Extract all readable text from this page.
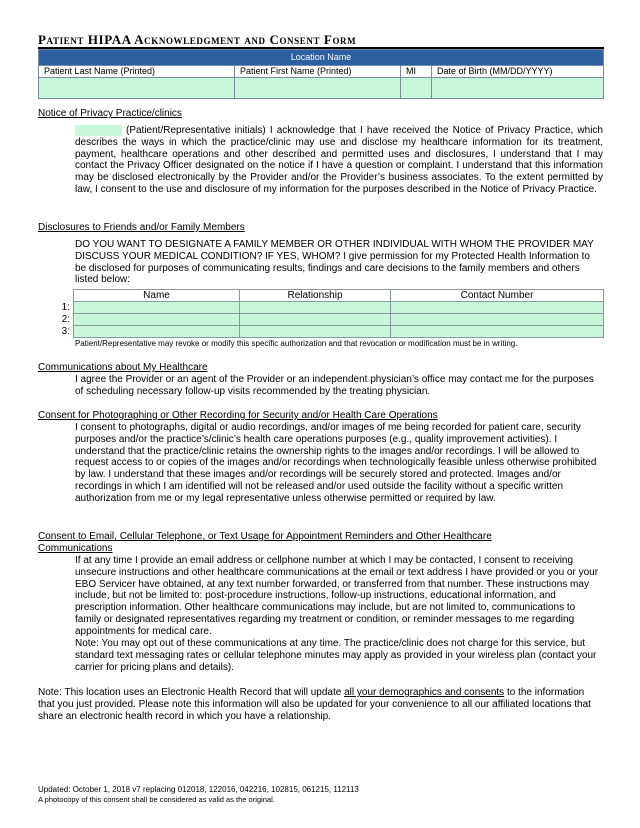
Patient HIPAA Acknowledgment and Consent Form
Location Name			
Patient Last Name (Printed)	Patient First Name (Printed)	MI	Date of Birth (MM/DD/YYYY)

Notice of Privacy Practice/clinics
(Patient/Representative initials) I acknowledge that I have received the Notice of Privacy Practice, which describes the ways in which the practice/clinic may use and disclose my healthcare information for its treatment, payment, healthcare operations and other described and permitted uses and disclosures, I understand that I may contact the Privacy Officer designated on the notice if I have a question or complaint. I understand that this information may be disclosed electronically by the Provider and/or the Provider’s business associates. To the extent permitted by law, I consent to the use and disclosure of my information for the purposes described in the Notice of Privacy Practice.
Disclosures to Friends and/or Family Members
DO YOU WANT TO DESIGNATE A FAMILY MEMBER OR OTHER INDIVIDUAL WITH WHOM THE PROVIDER MAY DISCUSS YOUR MEDICAL CONDITION? IF YES, WHOM? I give permission for my Protected Health Information to be disclosed for purposes of communicating results, findings and care decisions to the family members and others listed below:
	Name	Relationship	Contact Number
1:			
2:			
3:			
Patient/Representative may revoke or modify this specific authorization and that revocation or modification must be in writing.
Communications about My Healthcare
I agree the Provider or an agent of the Provider or an independent physician’s office may contact me for the purposes of scheduling necessary follow-up visits recommended by the treating physician.
Consent for Photographing or Other Recording for Security and/or Health Care Operations
I consent to photographs, digital or audio recordings, and/or images of me being recorded for patient care, security purposes and/or the practice’s/clinic’s health care operations purposes (e.g., quality improvement activities). I understand that the practice/clinic retains the ownership rights to the images and/or recordings. I will be allowed to request access to or copies of the images and/or recordings when technologically feasible unless otherwise prohibited by law. I understand that these images and/or recordings will be securely stored and protected. Images and/or recordings in which I am identified will not be released and/or used outside the facility without a specific written authorization from me or my legal representative unless otherwise permitted or required by law.
Consent to Email, Cellular Telephone, or Text Usage for Appointment Reminders and Other Healthcare
Communications
If at any time I provide an email address or cellphone number at which I may be contacted, I consent to receiving unsecure instructions and other healthcare communications at the email or text address I have provided or you or your EBO Servicer have obtained, at any text number forwarded, or transferred from that number. These instructions may include, but not be limited to: post-procedure instructions, follow-up instructions, educational information, and prescription information. Other healthcare communications may include, but are not limited to, communications to family or designated representatives regarding my treatment or condition, or reminder messages to me regarding appointments for medical care.
Note: You may opt out of these communications at any time. The practice/clinic does not charge for this service, but standard text messaging rates or cellular telephone minutes may apply as provided in your wireless plan (contact your carrier for pricing plans and details).
Note: This location uses an Electronic Health Record that will update all your demographics and consents to the information that you just provided. Please note this information will also be updated for your convenience to all our affiliated locations that share an electronic health record in which you have a relationship.
Updated: October 1, 2018 v7 replacing 012018, 122016, 042216, 102815, 061215, 112113
A photocopy of this consent shall be considered as valid as the original.
